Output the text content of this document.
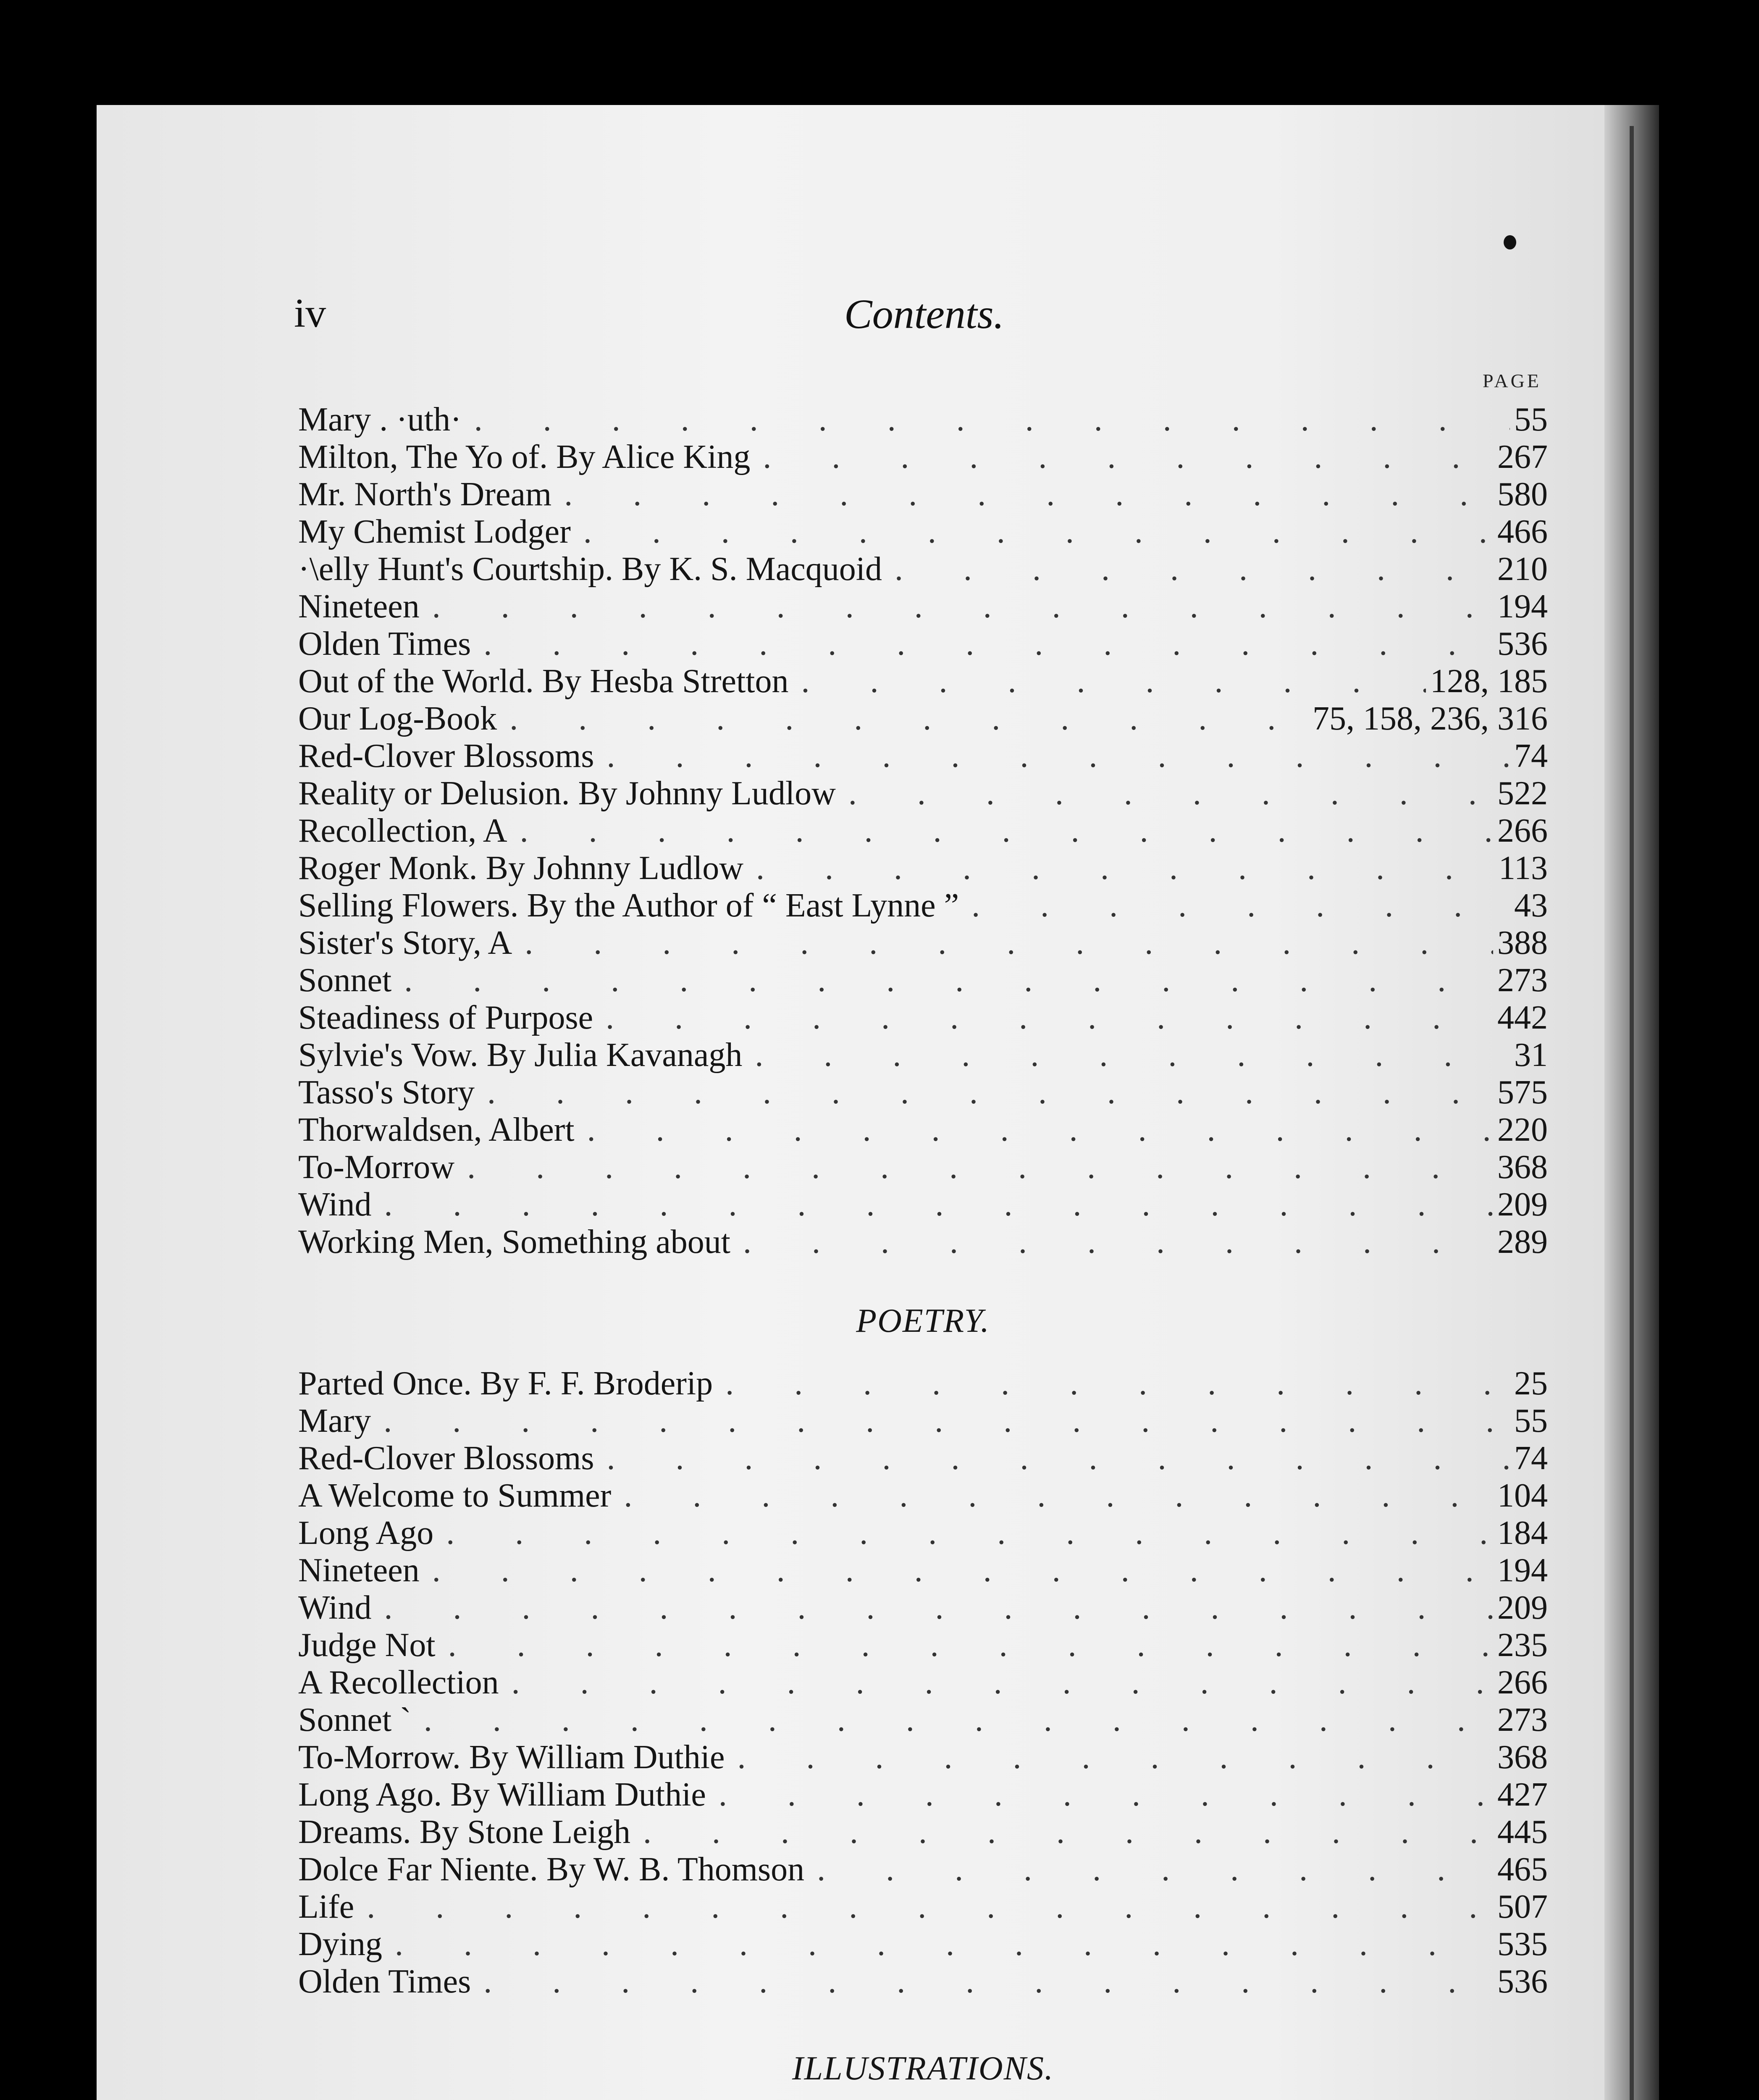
iv	Contents.
PAGE
Mary . ·uth· . . .	55
Milton, The Yo of. By Alice King . . .	267
Mr. North's Dream . . .	580
My Chemist Lodger . . .	466
·\elly Hunt's Courtship. By K. S. Macquoid . . .	210
Nineteen . . .	194
Olden Times . . .	536
Out of the World. By Hesba Stretton . . .	128, 185
Our Log-Book . . .	75, 158, 236, 316
Red-Clover Blossoms . . .	74
Reality or Delusion. By Johnny Ludlow . . .	522
Recollection, A . . .	266
Roger Monk. By Johnny Ludlow . . .	113
Selling Flowers. By the Author of “ East Lynne ” . . .	43
Sister's Story, A . . .	388
Sonnet . . .	273
Steadiness of Purpose . . .	442
Sylvie's Vow. By Julia Kavanagh . . .	31
Tasso's Story . . .	575
Thorwaldsen, Albert . . .	220
To-Morrow . . .	368
Wind . . .	209
Working Men, Something about . . .	289
POETRY.
Parted Once. By F. F. Broderip . . .	25
Mary . . .	55
Red-Clover Blossoms . . .	74
A Welcome to Summer . . .	104
Long Ago . . .	184
Nineteen . . .	194
Wind . . .	209
Judge Not . . .	235
A Recollection . . .	266
Sonnet ` . . .	273
To-Morrow. By William Duthie . . .	368
Long Ago. By William Duthie . . .	427
Dreams. By Stone Leigh . . .	445
Dolce Far Niente. By W. B. Thomson . . .	465
Life . . .	507
Dying . . .	535
Olden Times . . .	536
ILLUSTRATIONS.
